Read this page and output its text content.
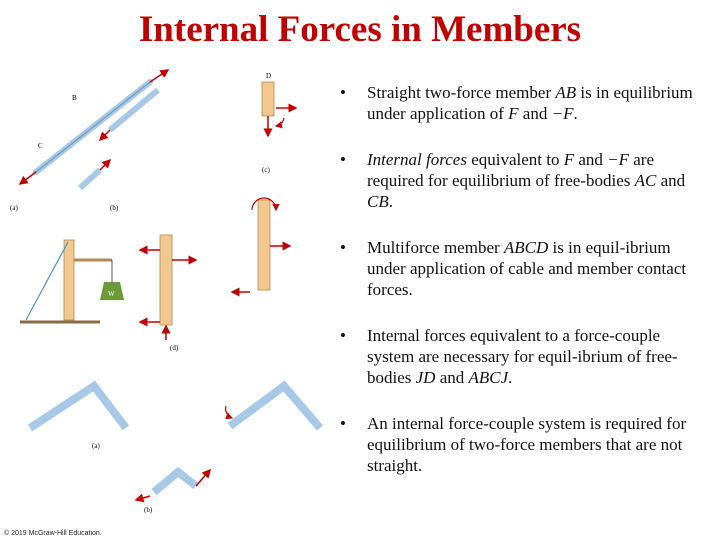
Internal Forces in Members
B
C
(a)	(b)
D
(c)
W
(d)
(a)
(b)
• Straight two-force member AB is in equilibrium under application of F and −F.
• Internal forces equivalent to F and −F are required for equilibrium of free-bodies AC and CB.
• Multiforce member ABCD is in equil-ibrium under application of cable and member contact forces.
• Internal forces equivalent to a force-couple system are necessary for equil-ibrium of free-bodies JD and ABCJ.
• An internal force-couple system is required for equilibrium of two-force members that are not straight.
© 2019 McGraw-Hill Education.
